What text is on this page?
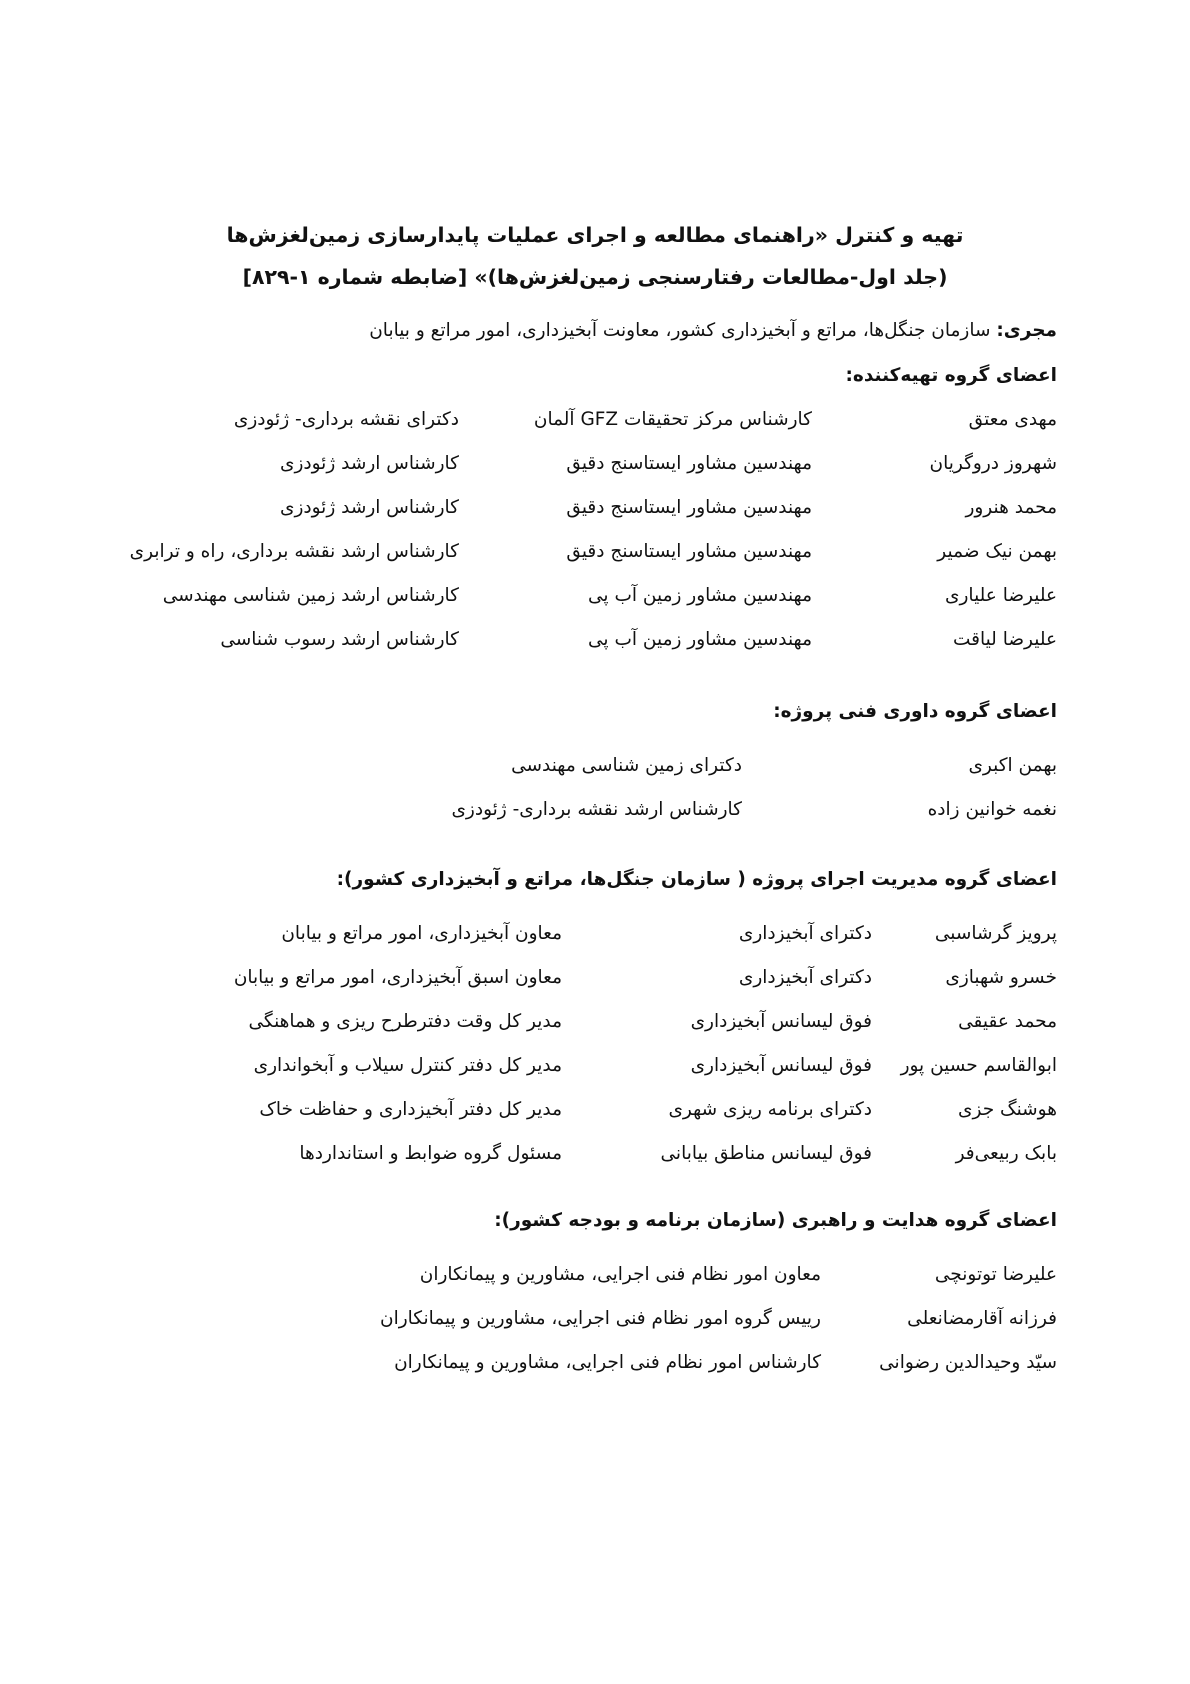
تهیه و کنترل «راهنمای مطالعه و اجرای عملیات پایدارسازی زمین‌لغزش‌ها
(جلد اول-مطالعات رفتارسنجی زمین‌لغزش‌ها)» [ضابطه شماره ۱-۸۲۹]
مجری: سازمان جنگل‌ها، مراتع و آبخیزداری کشور، معاونت آبخیزداری، امور مراتع و بیابان
اعضای گروه تهیه‌کننده:
مهدی معتق
کارشناس مرکز تحقیقات GFZ آلمان
دکترای نقشه برداری- ژئودزی
شهروز دروگریان
مهندسین مشاور ایستاسنج دقیق
کارشناس ارشد ژئودزی
محمد هنرور
مهندسین مشاور ایستاسنج دقیق
کارشناس ارشد ژئودزی
بهمن نیک ضمیر
مهندسین مشاور ایستاسنج دقیق
کارشناس ارشد نقشه برداری، راه و ترابری
علیرضا علیاری
مهندسین مشاور زمین آب پی
کارشناس ارشد زمین شناسی مهندسی
علیرضا لیاقت
مهندسین مشاور زمین آب پی
کارشناس ارشد رسوب شناسی
اعضای گروه داوری فنی پروژه:
بهمن اکبری
دکترای زمین شناسی مهندسی
نغمه خوانین زاده
کارشناس ارشد نقشه برداری- ژئودزی
اعضای گروه مدیریت اجرای پروژه ( سازمان جنگل‌ها، مراتع و آبخیزداری کشور):
پرویز گرشاسبی
دکترای آبخیزداری
معاون آبخیزداری، امور مراتع و بیابان
خسرو شهبازی
دکترای آبخیزداری
معاون اسبق آبخیزداری، امور مراتع و بیابان
محمد عقیقی
فوق لیسانس آبخیزداری
مدیر کل وقت دفترطرح ریزی و هماهنگی
ابوالقاسم حسین پور
فوق لیسانس آبخیزداری
مدیر کل دفتر کنترل سیلاب و آبخوانداری
هوشنگ جزی
دکترای برنامه ریزی شهری
مدیر کل دفتر آبخیزداری و حفاظت خاک
بابک ربیعی‌فر
فوق لیسانس مناطق بیابانی
مسئول گروه ضوابط و استانداردها
اعضای گروه هدایت و راهبری (سازمان برنامه و بودجه کشور):
علیرضا توتونچی
معاون امور نظام فنی اجرایی، مشاورین و پیمانکاران
فرزانه آقارمضانعلی
رییس گروه امور نظام فنی اجرایی، مشاورین و پیمانکاران
سیّد وحیدالدین رضوانی
کارشناس امور نظام فنی اجرایی، مشاورین و پیمانکاران
